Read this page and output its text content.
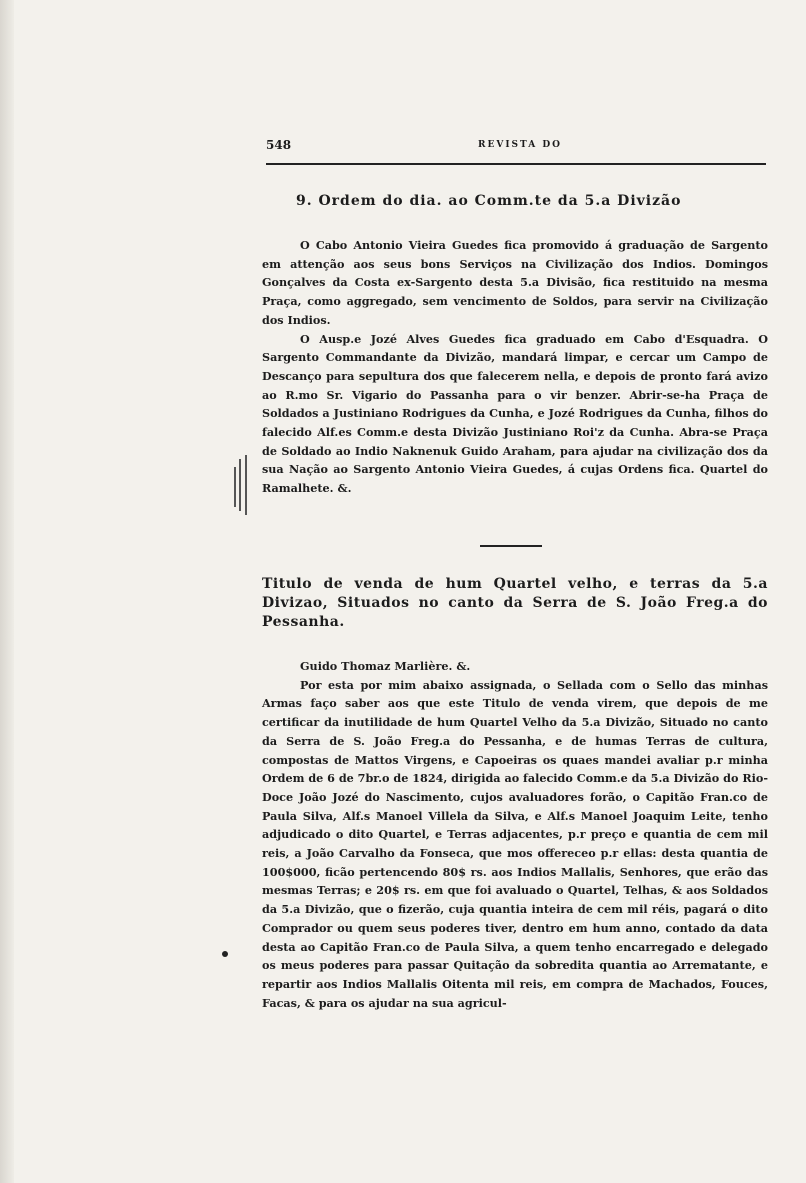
548	REVISTA DO
9. Ordem do dia. ao Comm.te da 5.a Divizão

O Cabo Antonio Vieira Guedes fica promovido á graduação de Sargento em attenção aos seus bons Serviços na Civilização dos Indios. Domingos Gonçalves da Costa ex-Sargento desta 5.a Divisão, fica restituido na mesma Praça, como aggregado, sem vencimento de Soldos, para servir na Civilização dos Indios.

O Ausp.e Jozé Alves Guedes fica graduado em Cabo d'Esquadra. O Sargento Commandante da Divizão, mandará limpar, e cercar um Campo de Descanço para sepultura dos que falecerem nella, e depois de pronto fará avizo ao R.mo Sr. Vigario do Passanha para o vir benzer. Abrir-se-ha Praça de Soldados a Justiniano Rodrigues da Cunha, e Jozé Rodrigues da Cunha, filhos do falecido Alf.es Comm.e desta Divizão Justiniano Roi'z da Cunha. Abra-se Praça de Soldado ao Indio Naknenuk Guido Araham, para ajudar na civilização dos da sua Nação ao Sargento Antonio Vieira Guedes, á cujas Ordens fica. Quartel do Ramalhete. &.

Titulo de venda de hum Quartel velho, e terras da 5.a Divizao, Situados no canto da Serra de S. João Freg.a do Pessanha.

Guido Thomaz Marlière. &.

Por esta por mim abaixo assignada, o Sellada com o Sello das minhas Armas faço saber aos que este Titulo de venda virem, que depois de me certificar da inutilidade de hum Quartel Velho da 5.a Divizão, Situado no canto da Serra de S. João Freg.a do Pessanha, e de humas Terras de cultura, compostas de Mattos Virgens, e Capoeiras os quaes mandei avaliar p.r minha Ordem de 6 de 7br.o de 1824, dirigida ao falecido Comm.e da 5.a Divizão do Rio-Doce João Jozé do Nascimento, cujos avaluadores forão, o Capitão Fran.co de Paula Silva, Alf.s Manoel Villela da Silva, e Alf.s Manoel Joaquim Leite, tenho adjudicado o dito Quartel, e Terras adjacentes, p.r preço e quantia de cem mil reis, a João Carvalho da Fonseca, que mos offereceo p.r ellas: desta quantia de 100$000, ficão pertencendo 80$ rs. aos Indios Mallalis, Senhores, que erão das mesmas Terras; e 20$ rs. em que foi avaluado o Quartel, Telhas, & aos Soldados da 5.a Divizão, que o fizerão, cuja quantia inteira de cem mil réis, pagará o dito Comprador ou quem seus poderes tiver, dentro em hum anno, contado da data desta ao Capitão Fran.co de Paula Silva, a quem tenho encarregado e delegado os meus poderes para passar Quitação da sobredita quantia ao Arrematante, e repartir aos Indios Mallalis Oitenta mil reis, em compra de Machados, Fouces, Facas, & para os ajudar na sua agricul-
